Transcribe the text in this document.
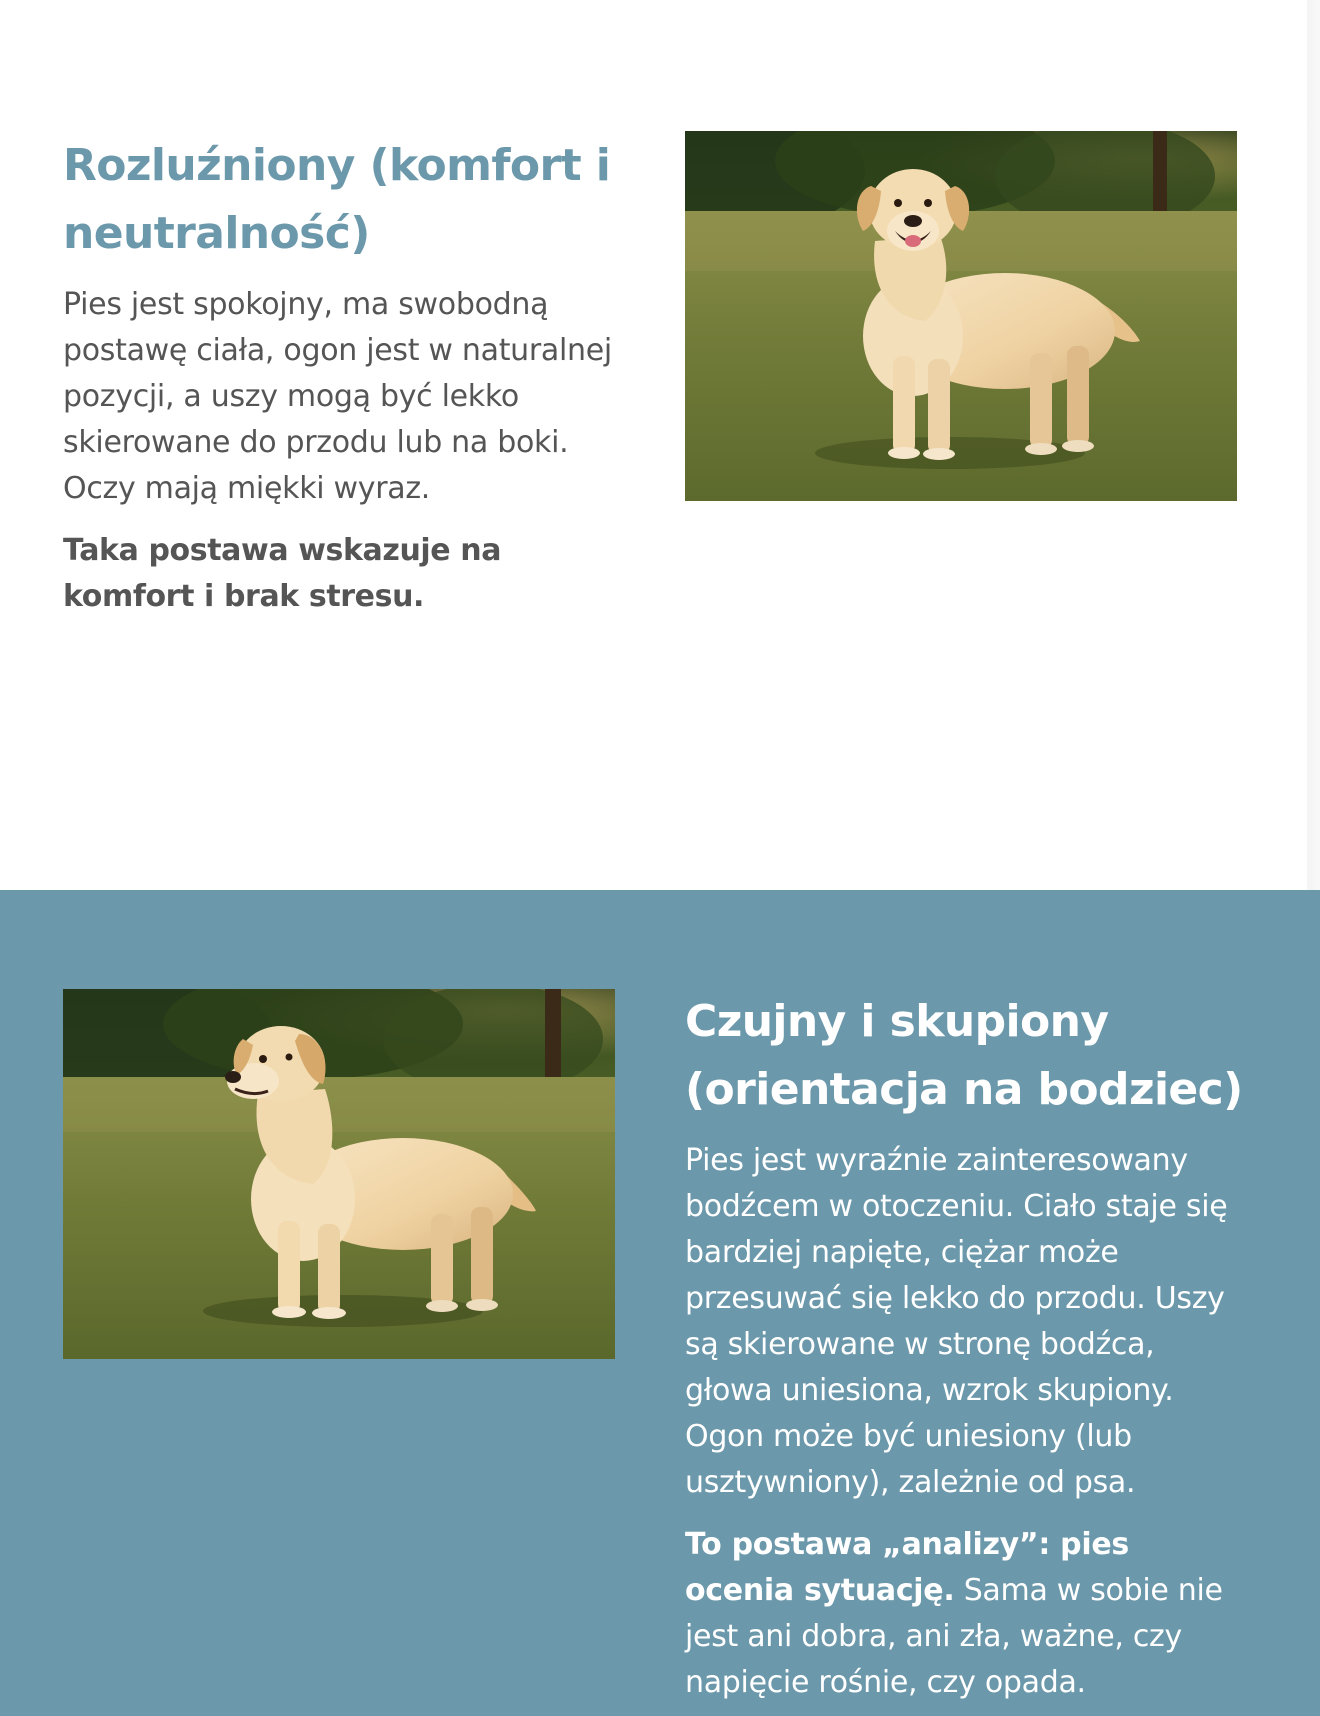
Rozluźniony (komfort i neutralność)

Pies jest spokojny, ma swobodną postawę ciała, ogon jest w naturalnej pozycji, a uszy mogą być lekko skierowane do przodu lub na boki. Oczy mają miękki wyraz.

Taka postawa wskazuje na komfort i brak stresu.

Czujny i skupiony (orientacja na bodziec)

Pies jest wyraźnie zainteresowany bodźcem w otoczeniu. Ciało staje się bardziej napięte, ciężar może przesuwać się lekko do przodu. Uszy są skierowane w stronę bodźca, głowa uniesiona, wzrok skupiony. Ogon może być uniesiony (lub usztywniony), zależnie od psa.

To postawa „analizy”: pies ocenia sytuację. Sama w sobie nie jest ani dobra, ani zła, ważne, czy napięcie rośnie, czy opada.
